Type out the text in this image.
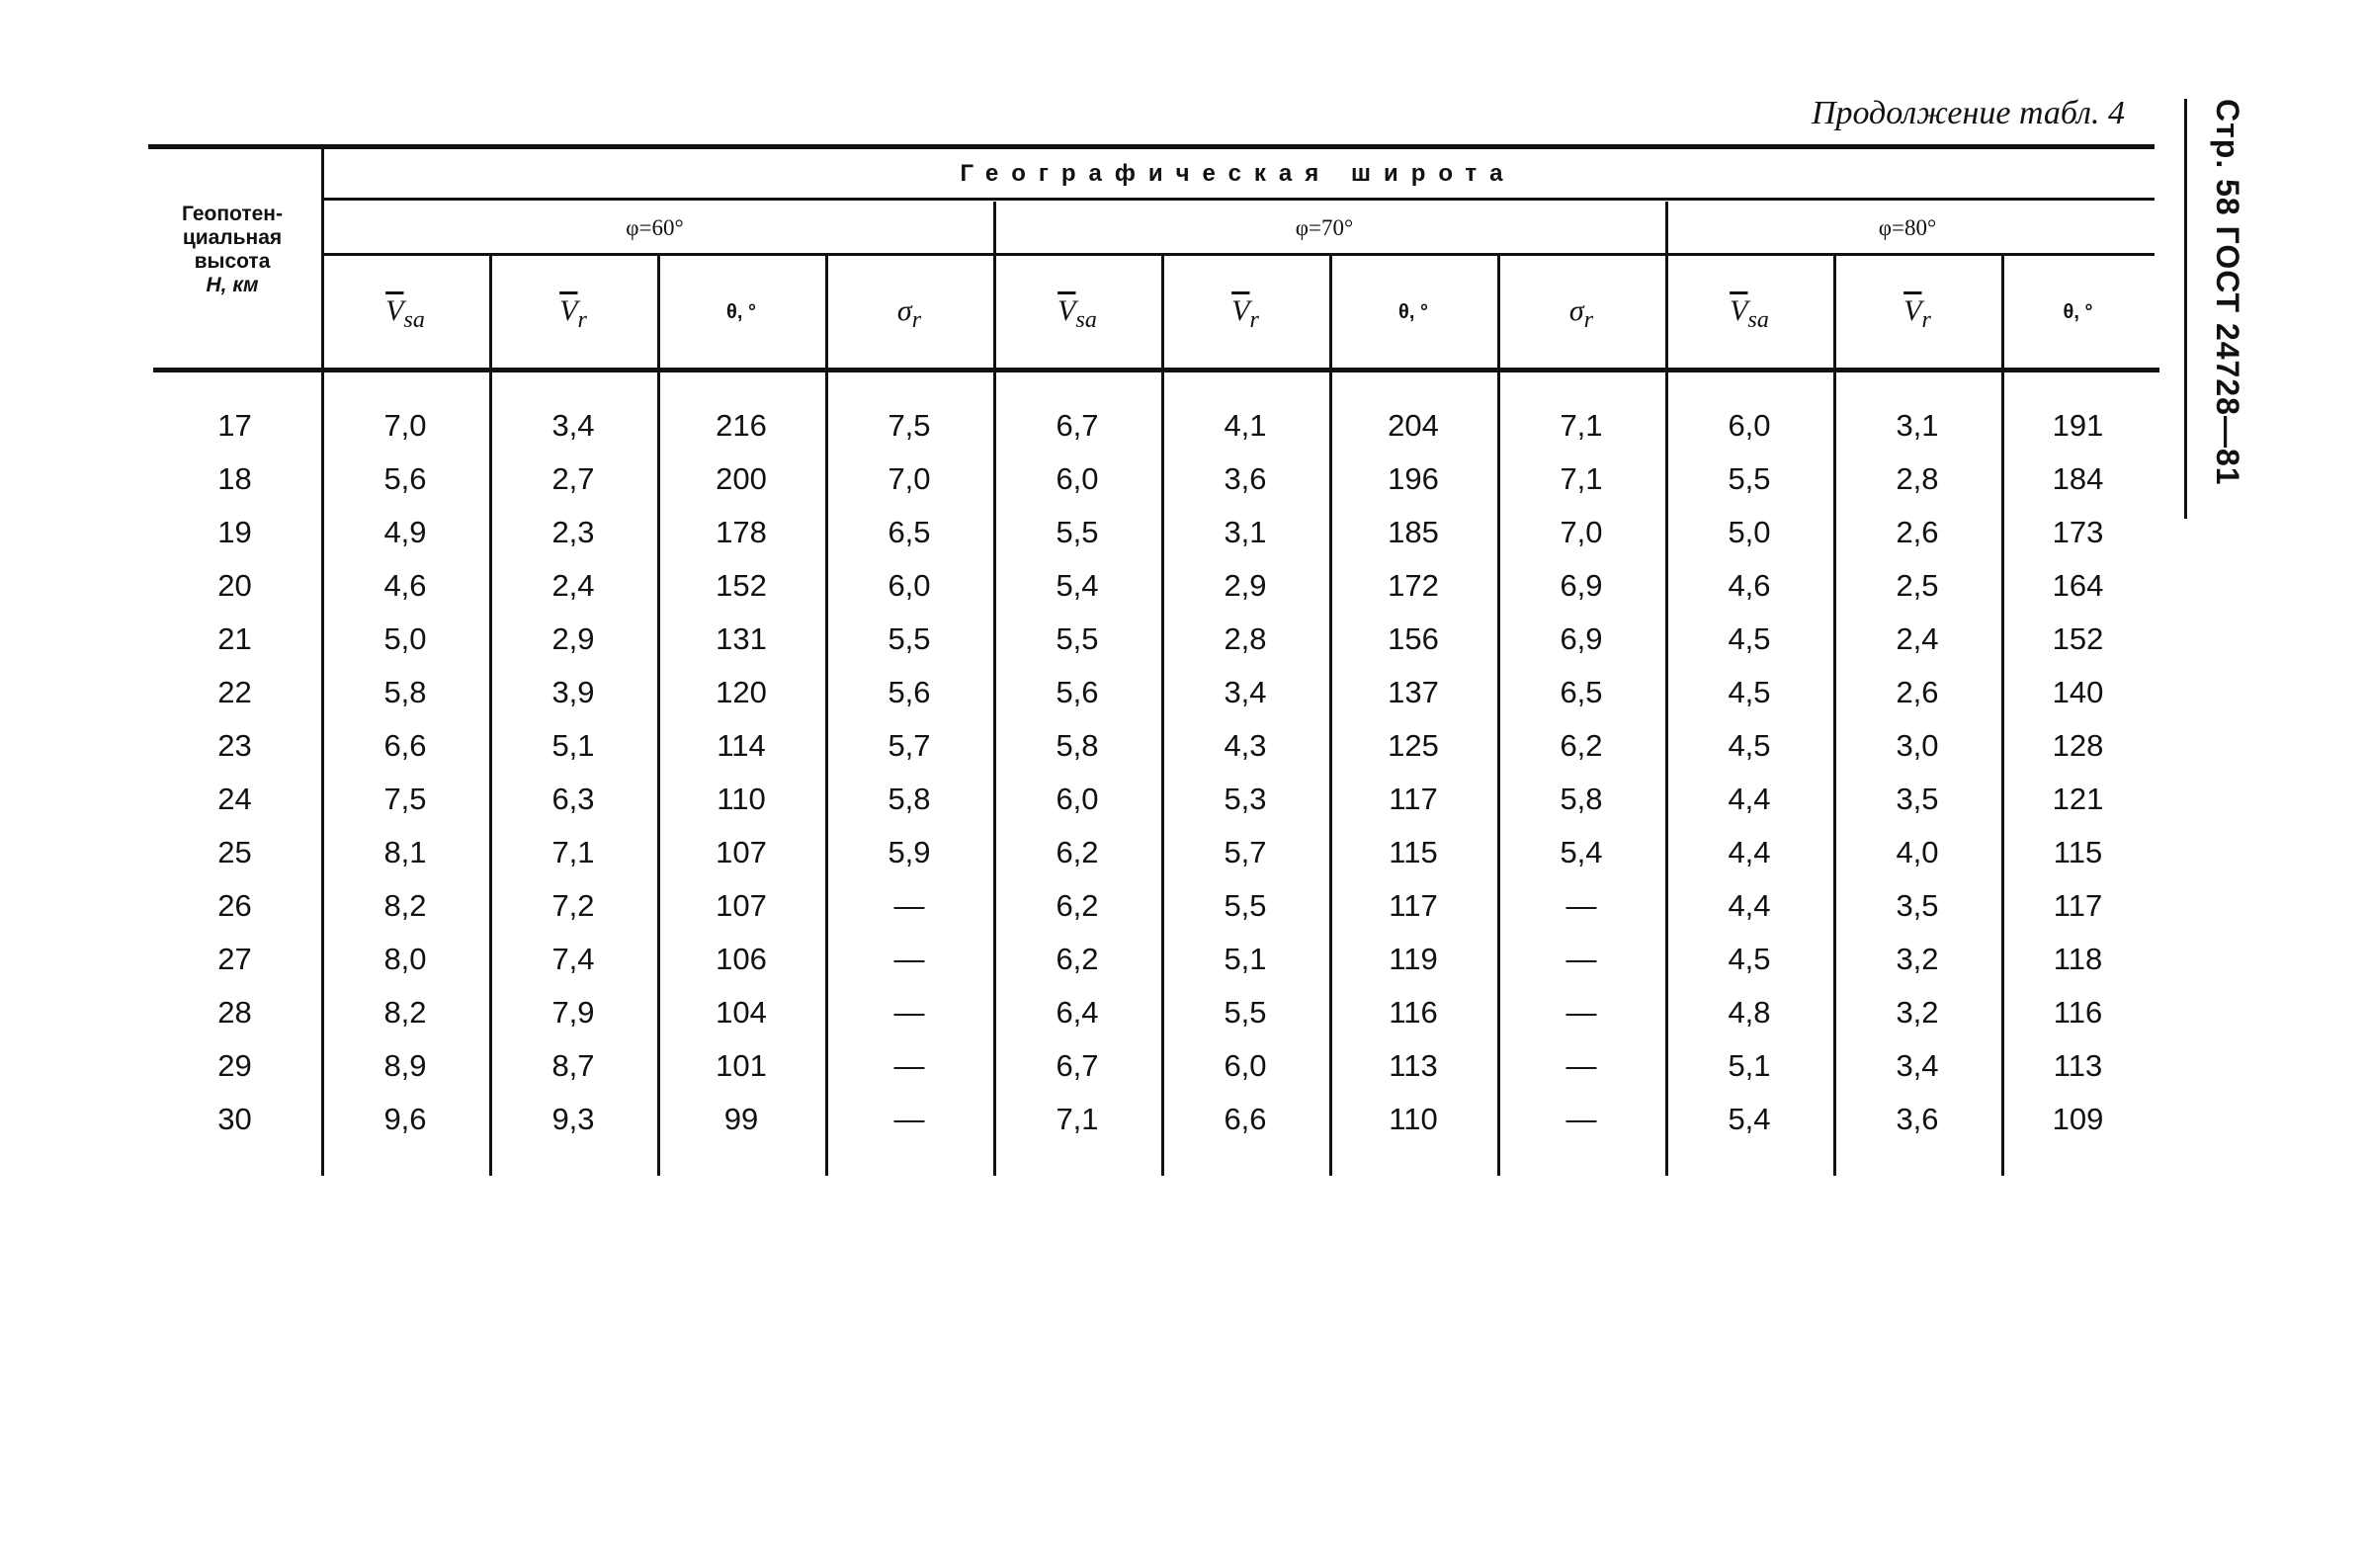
Продолжение табл. 4	Стр. 58 ГОСТ 24728—81
Геопотен-
циальная
высота
H, км
Географическая широта
φ=60°	φ=70°	φ=80°
$\overline{V}_{sa}$	$\overline{V}_r$	θ, °	$\sigma_r$	$\overline{V}_{sa}$	$\overline{V}_r$	θ, °	$\sigma_r$	$\overline{V}_{sa}$	$\overline{V}_r$	θ, °
17	7,0	3,4	216	7,5	6,7	4,1	204	7,1	6,0	3,1	191
18	5,6	2,7	200	7,0	6,0	3,6	196	7,1	5,5	2,8	184
19	4,9	2,3	178	6,5	5,5	3,1	185	7,0	5,0	2,6	173
20	4,6	2,4	152	6,0	5,4	2,9	172	6,9	4,6	2,5	164
21	5,0	2,9	131	5,5	5,5	2,8	156	6,9	4,5	2,4	152
22	5,8	3,9	120	5,6	5,6	3,4	137	6,5	4,5	2,6	140
23	6,6	5,1	114	5,7	5,8	4,3	125	6,2	4,5	3,0	128
24	7,5	6,3	110	5,8	6,0	5,3	117	5,8	4,4	3,5	121
25	8,1	7,1	107	5,9	6,2	5,7	115	5,4	4,4	4,0	115
26	8,2	7,2	107	—	6,2	5,5	117	—	4,4	3,5	117
27	8,0	7,4	106	—	6,2	5,1	119	—	4,5	3,2	118
28	8,2	7,9	104	—	6,4	5,5	116	—	4,8	3,2	116
29	8,9	8,7	101	—	6,7	6,0	113	—	5,1	3,4	113
30	9,6	9,3	99	—	7,1	6,6	110	—	5,4	3,6	109
